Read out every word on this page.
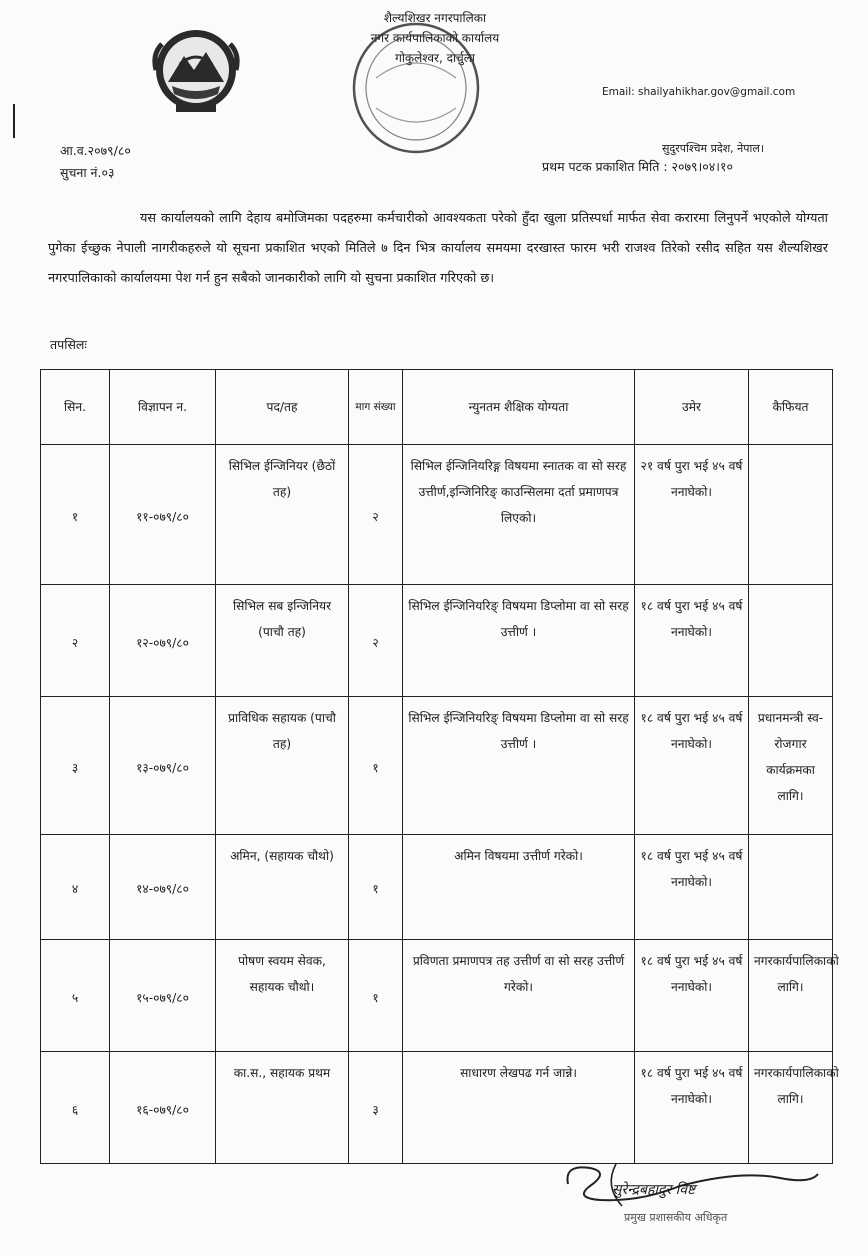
शैल्यशिखर नगरपालिका
नगर कार्यपालिकाको कार्यालय
गोकुलेश्वर, दार्चुला
Email: shailyahikhar.gov@gmail.com
सुदुरपश्चिम प्रदेश, नेपाल।
प्रथम पटक प्रकाशित मिति : २०७९।०४।१०
आ.व.२०७९/८०
सुचना नं.०३
यस कार्यालयको लागि देहाय बमोजिमका पदहरुमा कर्मचारीको आवश्यकता परेको हुँदा खुला प्रतिस्पर्धा मार्फत सेवा करारमा लिनुपर्ने भएकोले योग्यता पुगेका ईच्छुक नेपाली नागरीकहरुले यो सूचना प्रकाशित भएको मितिले ७ दिन भित्र कार्यालय समयमा दरखास्त फारम भरी राजश्व तिरेको रसीद सहित यस शैल्यशिखर नगरपालिकाको कार्यालयमा पेश गर्न हुन सबैको जानकारीको लागि यो सुचना प्रकाशित गरिएको छ।
तपसिलः
सिन.	विज्ञापन न.	पद/तह	माग संख्या	न्युनतम शैक्षिक योग्यता	उमेर	कैफियत
१	११-०७९/८०	सिभिल ईन्जिनियर (छैठों तह)	२	सिभिल ईन्जिनियरिङ्ग विषयमा स्नातक वा सो सरह उत्तीर्ण,इन्जिनिरिङ् काउन्सिलमा दर्ता प्रमाणपत्र लिएको।	२१ वर्ष पुरा भई ४५ वर्ष ननाघेको।	
२	१२-०७९/८०	सिभिल सब इन्जिनियर (पाचौ तह)	२	सिभिल ईन्जिनियरिङ् विषयमा डिप्लोमा वा सो सरह उत्तीर्ण ।	१८ वर्ष पुरा भई ४५ वर्ष ननाघेको।	
३	१३-०७९/८०	प्राविधिक सहायक (पाचौ तह)	१	सिभिल ईन्जिनियरिङ् विषयमा डिप्लोमा वा सो सरह उत्तीर्ण ।	१८ वर्ष पुरा भई ४५ वर्ष ननाघेको।	प्रधानमन्त्री स्व-रोजगार कार्यक्रमका लागि।
४	१४-०७९/८०	अमिन, (सहायक चौथो)	१	अमिन विषयमा उत्तीर्ण गरेको।	१८ वर्ष पुरा भई ४५ वर्ष ननाघेको।	
५	१५-०७९/८०	पोषण स्वयम सेवक, सहायक चौथो।	१	प्रविणता प्रमाणपत्र तह उत्तीर्ण वा सो सरह उत्तीर्ण गरेको।	१८ वर्ष पुरा भई ४५ वर्ष ननाघेको।	नगरकार्यपालिकाको लागि।
६	१६-०७९/८०	का.स., सहायक प्रथम	३	साधारण लेखपढ गर्न जान्ने।	१८ वर्ष पुरा भई ४५ वर्ष ननाघेको।	नगरकार्यपालिकाको लागि।
सुरेन्द्रबहादुर विष्ट
प्रमुख प्रशासकीय अधिकृत
